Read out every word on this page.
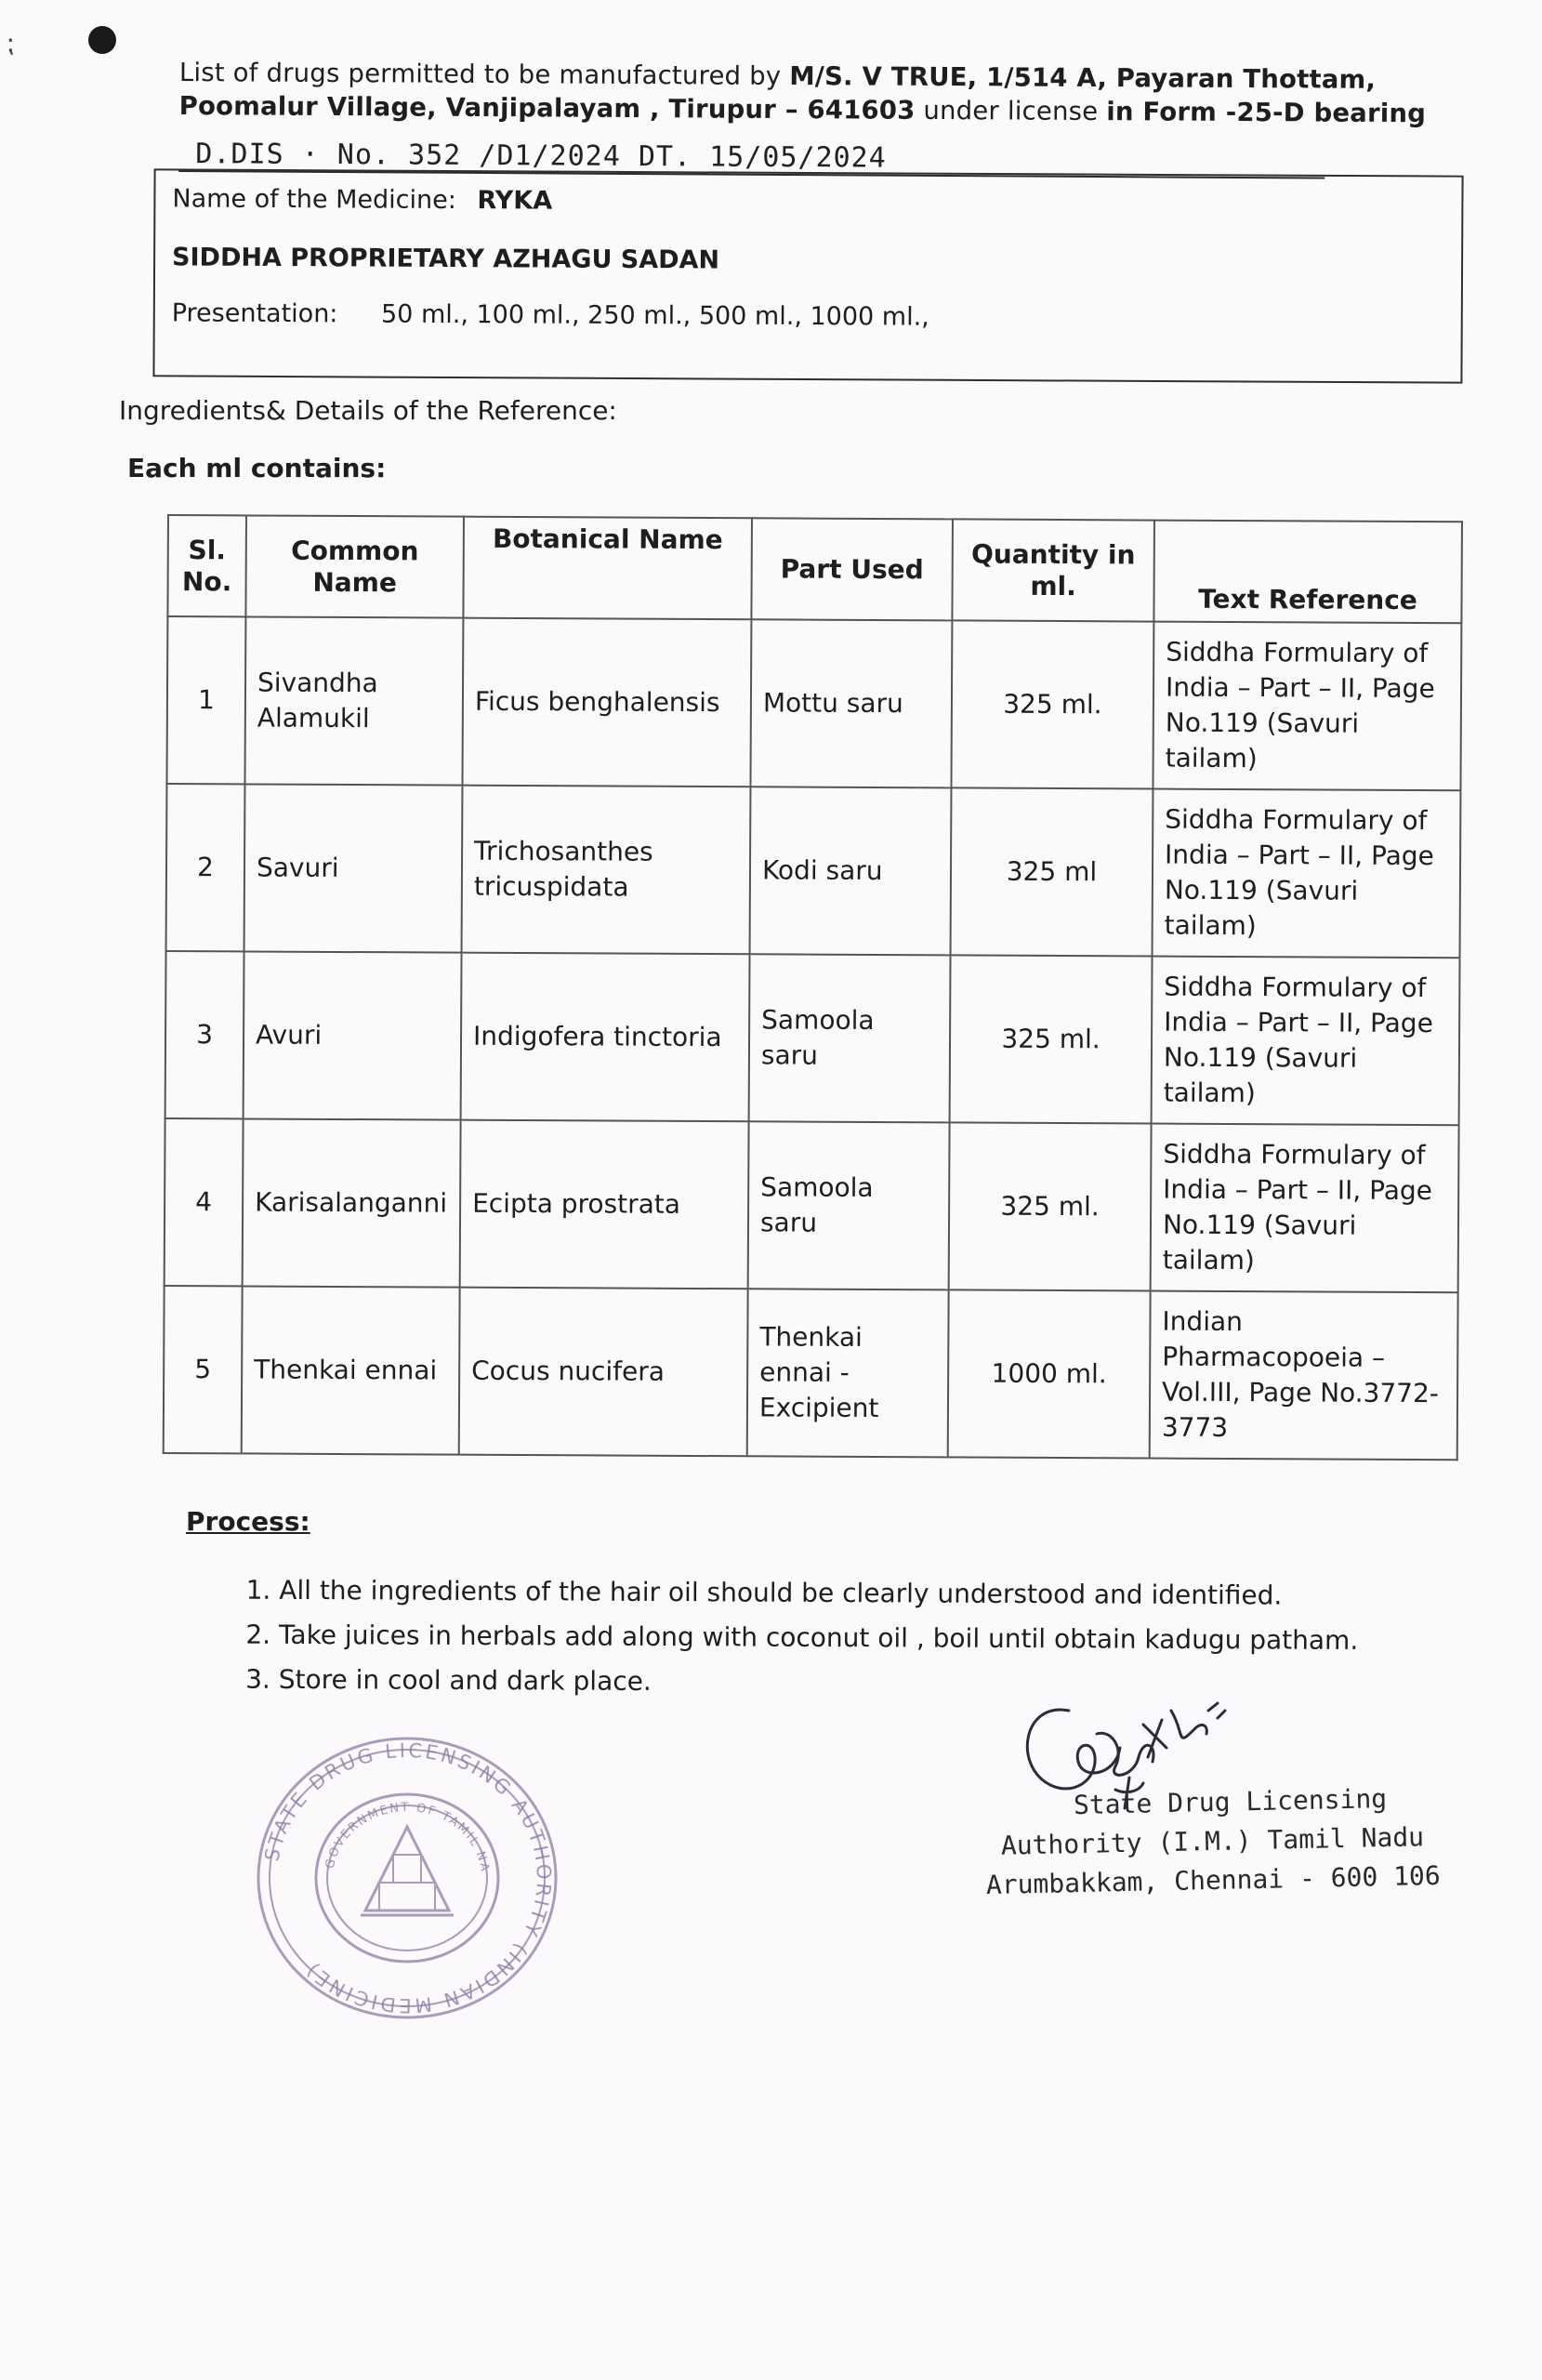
⁏

List of drugs permitted to be manufactured by M/S. V TRUE, 1/514 A, Payaran Thottam,

Poomalur Village, Vanjipalayam , Tirupur – 641603 under license in Form -25-D bearing

D.DIS · No. 352 /D1/2024 DT. 15/05/2024
Name of the Medicine: RYKA
SIDDHA PROPRIETARY AZHAGU SADAN
Presentation: 50 ml., 100 ml., 250 ml., 500 ml., 1000 ml.,
Ingredients& Details of the Reference:
Each ml contains:
Sl. No.	Common Name	Botanical Name	Part Used	Quantity in ml.	Text Reference
1	Sivandha Alamukil	Ficus benghalensis	Mottu saru	325 ml.	Siddha Formulary of India – Part – II, Page No.119 (Savuri tailam)
2	Savuri	Trichosanthes tricuspidata	Kodi saru	325 ml	Siddha Formulary of India – Part – II, Page No.119 (Savuri tailam)
3	Avuri	Indigofera tinctoria	Samoola saru	325 ml.	Siddha Formulary of India – Part – II, Page No.119 (Savuri tailam)
4	Karisalanganni	Ecipta prostrata	Samoola saru	325 ml.	Siddha Formulary of India – Part – II, Page No.119 (Savuri tailam)
5	Thenkai ennai	Cocus nucifera	Thenkai ennai - Excipient	1000 ml.	Indian Pharmacopoeia – Vol.III, Page No.3772-3773
Process:
1. All the ingredients of the hair oil should be clearly understood and identified.
2. Take juices in herbals add along with coconut oil , boil until obtain kadugu patham.
3. Store in cool and dark place.
STATE DRUG LICENSING AUTHORITY (INDIAN MEDICINE)
GOVERNMENT OF TAMIL NA
State Drug Licensing
Authority (I.M.) Tamil Nadu
Arumbakkam, Chennai - 600 106
